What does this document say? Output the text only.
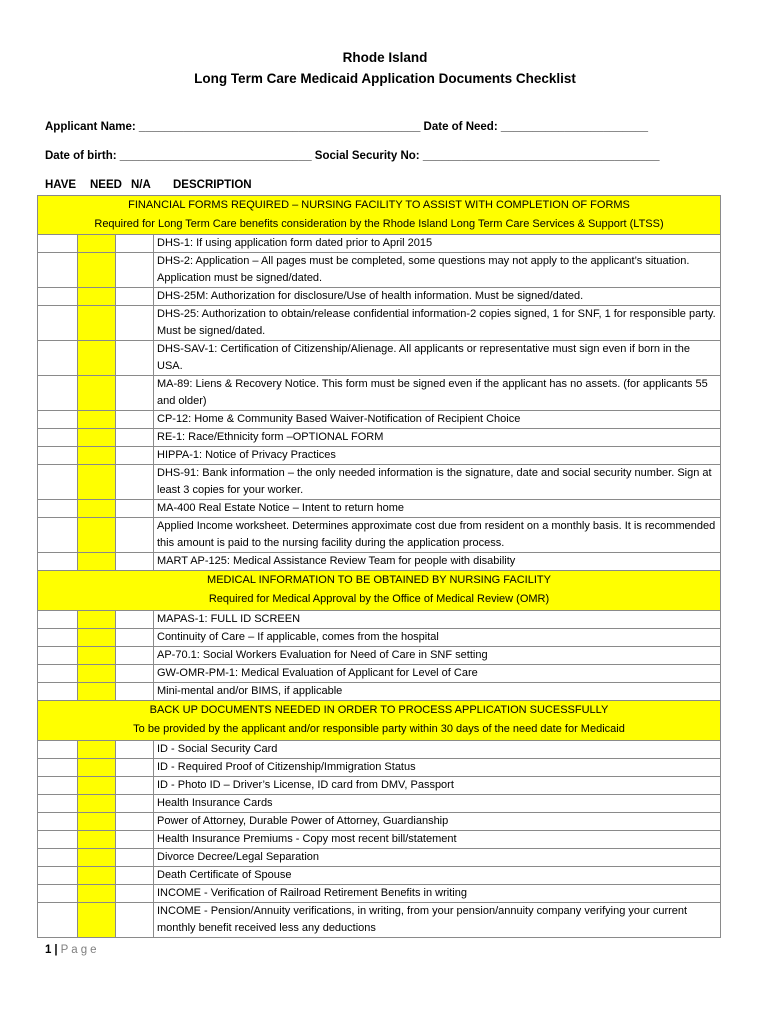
Rhode Island
Long Term Care Medicaid Application Documents Checklist
Applicant Name: ____________________________________________ Date of Need: _______________________
Date of birth: ______________________________ Social Security No: _____________________________________
HAVE NEED N/A DESCRIPTION
FINANCIAL FORMS REQUIRED – NURSING FACILITY TO ASSIST WITH COMPLETION OF FORMS
Required for Long Term Care benefits consideration by the Rhode Island Long Term Care Services & Support (LTSS)			

			DHS-1: If using application form dated prior to April 2015
			DHS-2: Application – All pages must be completed, some questions may not apply to the applicant’s situation. Application must be signed/dated.
			DHS-25M: Authorization for disclosure/Use of health information. Must be signed/dated.
			DHS-25: Authorization to obtain/release confidential information-2 copies signed, 1 for SNF, 1 for responsible party. Must be signed/dated.
			DHS-SAV-1: Certification of Citizenship/Alienage. All applicants or representative must sign even if born in the USA.
			MA-89: Liens & Recovery Notice. This form must be signed even if the applicant has no assets. (for applicants 55 and older)
			CP-12: Home & Community Based Waiver-Notification of Recipient Choice
			RE-1: Race/Ethnicity form –OPTIONAL FORM
			HIPPA-1: Notice of Privacy Practices
			DHS-91: Bank information – the only needed information is the signature, date and social security number. Sign at least 3 copies for your worker.
			MA-400 Real Estate Notice – Intent to return home
			Applied Income worksheet. Determines approximate cost due from resident on a monthly basis. It is recommended this amount is paid to the nursing facility during the application process.
			MART AP-125: Medical Assistance Review Team for people with disability

MEDICAL INFORMATION TO BE OBTAINED BY NURSING FACILITY
Required for Medical Approval by the Office of Medical Review (OMR)			

			MAPAS-1: FULL ID SCREEN
			Continuity of Care – If applicable, comes from the hospital
			AP-70.1: Social Workers Evaluation for Need of Care in SNF setting
			GW-OMR-PM-1: Medical Evaluation of Applicant for Level of Care
			Mini-mental and/or BIMS, if applicable

BACK UP DOCUMENTS NEEDED IN ORDER TO PROCESS APPLICATION SUCESSFULLY
To be provided by the applicant and/or responsible party within 30 days of the need date for Medicaid			

			ID - Social Security Card
			ID - Required Proof of Citizenship/Immigration Status
			ID - Photo ID – Driver’s License, ID card from DMV, Passport
			Health Insurance Cards
			Power of Attorney, Durable Power of Attorney, Guardianship
			Health Insurance Premiums - Copy most recent bill/statement
			Divorce Decree/Legal Separation
			Death Certificate of Spouse
			INCOME - Verification of Railroad Retirement Benefits in writing
			INCOME - Pension/Annuity verifications, in writing, from your pension/annuity company verifying your current monthly benefit received less any deductions
1 | Page
